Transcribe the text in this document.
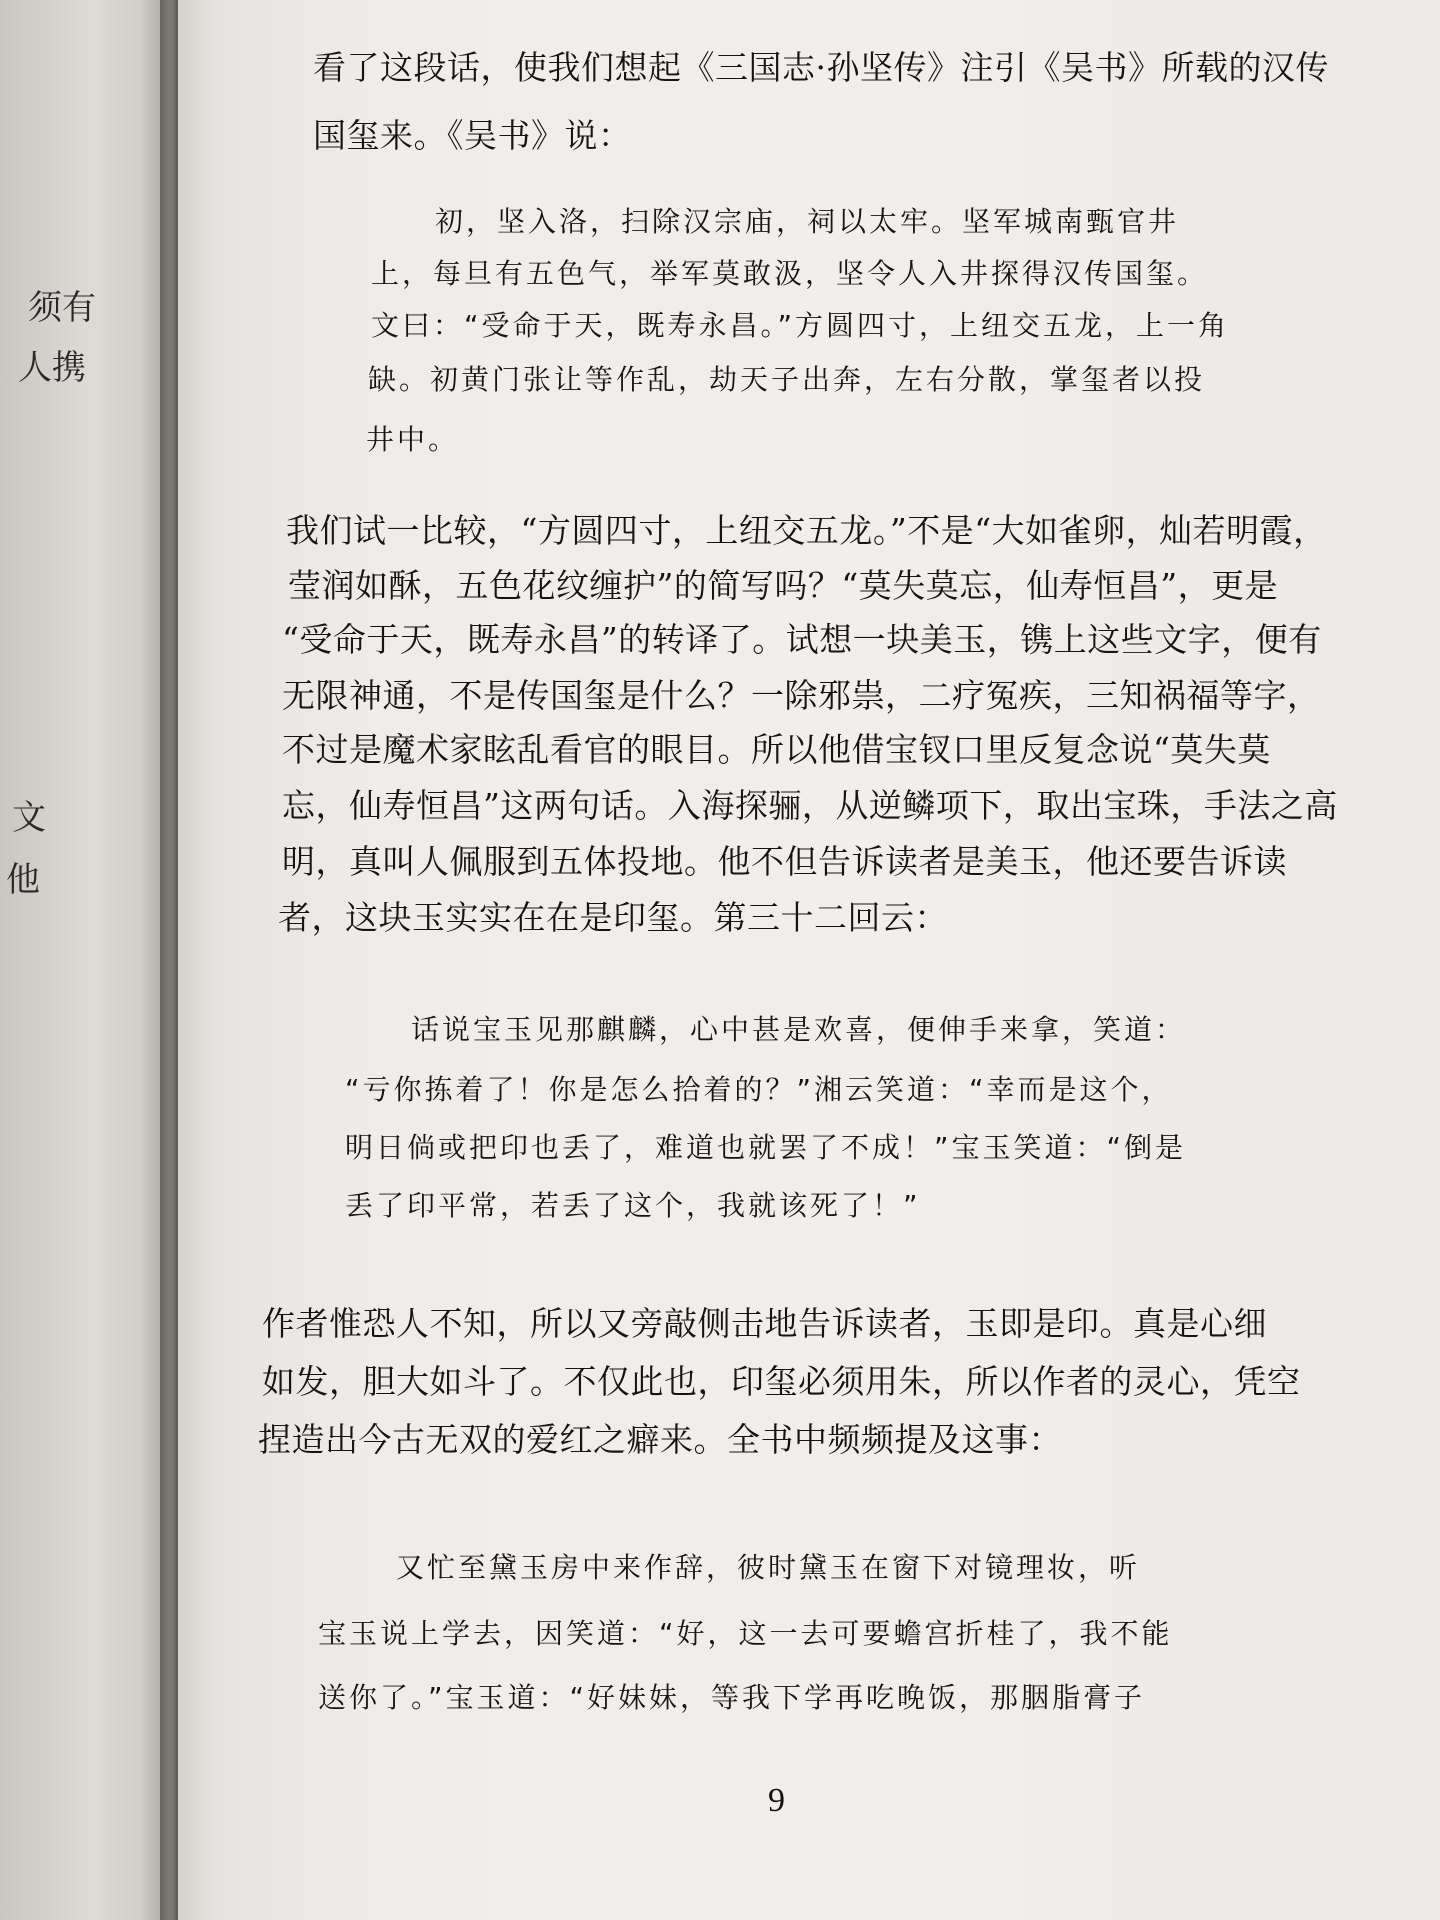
须有
人携
文
他
看了这段话，使我们想起《三国志·孙坚传》注引《吴书》所载的汉传
国玺来。《吴书》说：
初，坚入洛，扫除汉宗庙，祠以太牢。坚军城南甄官井
上，每旦有五色气，举军莫敢汲，坚令人入井探得汉传国玺。
文曰：“受命于天，既寿永昌。”方圆四寸，上纽交五龙，上一角
缺。初黄门张让等作乱，劫天子出奔，左右分散，掌玺者以投
井中。
我们试一比较，“方圆四寸，上纽交五龙。”不是“大如雀卵，灿若明霞，
莹润如酥，五色花纹缠护”的简写吗？“莫失莫忘，仙寿恒昌”，更是
“受命于天，既寿永昌”的转译了。试想一块美玉，镌上这些文字，便有
无限神通，不是传国玺是什么？一除邪祟，二疗冤疾，三知祸福等字，
不过是魔术家眩乱看官的眼目。所以他借宝钗口里反复念说“莫失莫
忘，仙寿恒昌”这两句话。入海探骊，从逆鳞项下，取出宝珠，手法之高
明，真叫人佩服到五体投地。他不但告诉读者是美玉，他还要告诉读
者，这块玉实实在在是印玺。第三十二回云：
话说宝玉见那麒麟，心中甚是欢喜，便伸手来拿，笑道：
“亏你拣着了！你是怎么拾着的？”湘云笑道：“幸而是这个，
明日倘或把印也丢了，难道也就罢了不成！”宝玉笑道：“倒是
丢了印平常，若丢了这个，我就该死了！”
作者惟恐人不知，所以又旁敲侧击地告诉读者，玉即是印。真是心细
如发，胆大如斗了。不仅此也，印玺必须用朱，所以作者的灵心，凭空
捏造出今古无双的爱红之癖来。全书中频频提及这事：
又忙至黛玉房中来作辞，彼时黛玉在窗下对镜理妆，听
宝玉说上学去，因笑道：“好，这一去可要蟾宫折桂了，我不能
送你了。”宝玉道：“好妹妹，等我下学再吃晚饭，那胭脂膏子
9
